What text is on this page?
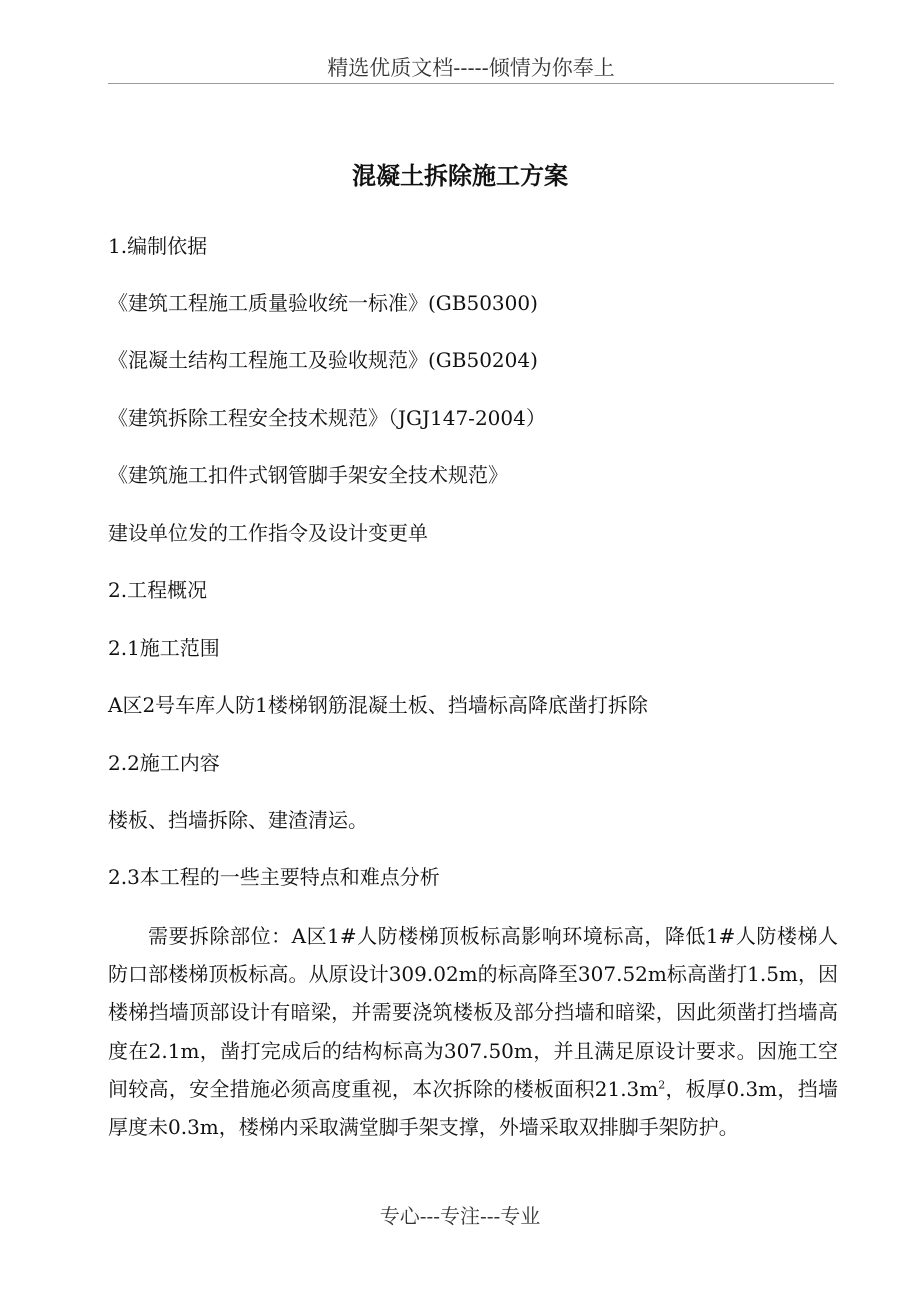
精选优质文档-----倾情为你奉上
混凝土拆除施工方案
1.编制依据
《建筑工程施工质量验收统一标准》(GB50300)
《混凝土结构工程施工及验收规范》(GB50204)
《建筑拆除工程安全技术规范》（JGJ147-2004）
《建筑施工扣件式钢管脚手架安全技术规范》
建设单位发的工作指令及设计变更单
2.工程概况
2.1施工范围
A区2号车库人防1楼梯钢筋混凝土板、挡墙标高降底凿打拆除
2.2施工内容
楼板、挡墙拆除、建渣清运。
2.3本工程的一些主要特点和难点分析
需要拆除部位：A区1#人防楼梯顶板标高影响环境标高，降低1#人防楼梯人防口部楼梯顶板标高。从原设计309.02m的标高降至307.52m标高凿打1.5m，因楼梯挡墙顶部设计有暗梁，并需要浇筑楼板及部分挡墙和暗梁，因此须凿打挡墙高度在2.1m，凿打完成后的结构标高为307.50m，并且满足原设计要求。因施工空间较高，安全措施必须高度重视，本次拆除的楼板面积$21.3m^2$，板厚0.3m，挡墙厚度未0.3m，楼梯内采取满堂脚手架支撑，外墙采取双排脚手架防护。
专心---专注---专业
